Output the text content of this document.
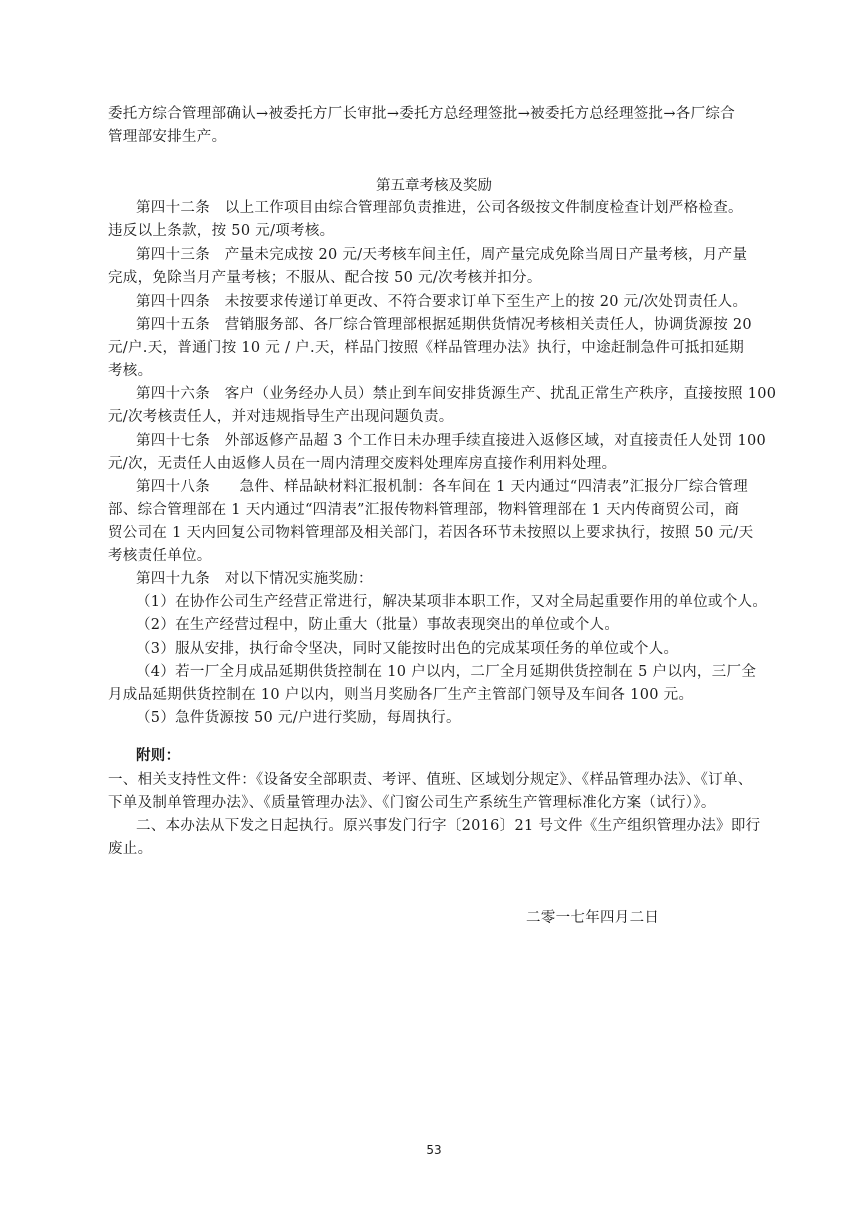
委托方综合管理部确认→被委托方厂长审批→委托方总经理签批→被委托方总经理签批→各厂综合
管理部安排生产。
第五章考核及奖励
第四十二条　以上工作项目由综合管理部负责推进，公司各级按文件制度检查计划严格检查。
违反以上条款，按 50 元/项考核。
第四十三条　产量未完成按 20 元/天考核车间主任，周产量完成免除当周日产量考核，月产量
完成，免除当月产量考核；不服从、配合按 50 元/次考核并扣分。
第四十四条　未按要求传递订单更改、不符合要求订单下至生产上的按 20 元/次处罚责任人。
第四十五条　营销服务部、各厂综合管理部根据延期供货情况考核相关责任人，协调货源按 20
元/户.天，普通门按 10 元 / 户.天，样品门按照《样品管理办法》执行，中途赶制急件可抵扣延期
考核。
第四十六条　客户（业务经办人员）禁止到车间安排货源生产、扰乱正常生产秩序，直接按照 100
元/次考核责任人，并对违规指导生产出现问题负责。
第四十七条　外部返修产品超 3 个工作日未办理手续直接进入返修区域，对直接责任人处罚 100
元/次，无责任人由返修人员在一周内清理交废料处理库房直接作利用料处理。
第四十八条　　急件、样品缺材料汇报机制：各车间在 1 天内通过“四清表”汇报分厂综合管理
部、综合管理部在 1 天内通过“四清表”汇报传物料管理部，物料管理部在 1 天内传商贸公司，商
贸公司在 1 天内回复公司物料管理部及相关部门，若因各环节未按照以上要求执行，按照 50 元/天
考核责任单位。
第四十九条　对以下情况实施奖励：
（1）在协作公司生产经营正常进行，解决某项非本职工作，又对全局起重要作用的单位或个人。
（2）在生产经营过程中，防止重大（批量）事故表现突出的单位或个人。
（3）服从安排，执行命令坚决，同时又能按时出色的完成某项任务的单位或个人。
（4）若一厂全月成品延期供货控制在 10 户以内，二厂全月延期供货控制在 5 户以内，三厂全
月成品延期供货控制在 10 户以内，则当月奖励各厂生产主管部门领导及车间各 100 元。
（5）急件货源按 50 元/户进行奖励，每周执行。
附则：
一、相关支持性文件：《设备安全部职责、考评、值班、区域划分规定》、《样品管理办法》、《订单、
下单及制单管理办法》、《质量管理办法》、《门窗公司生产系统生产管理标准化方案（试行）》。
二、本办法从下发之日起执行。原兴事发门行字〔2016〕21 号文件《生产组织管理办法》即行
废止。
二零一七年四月二日
53
